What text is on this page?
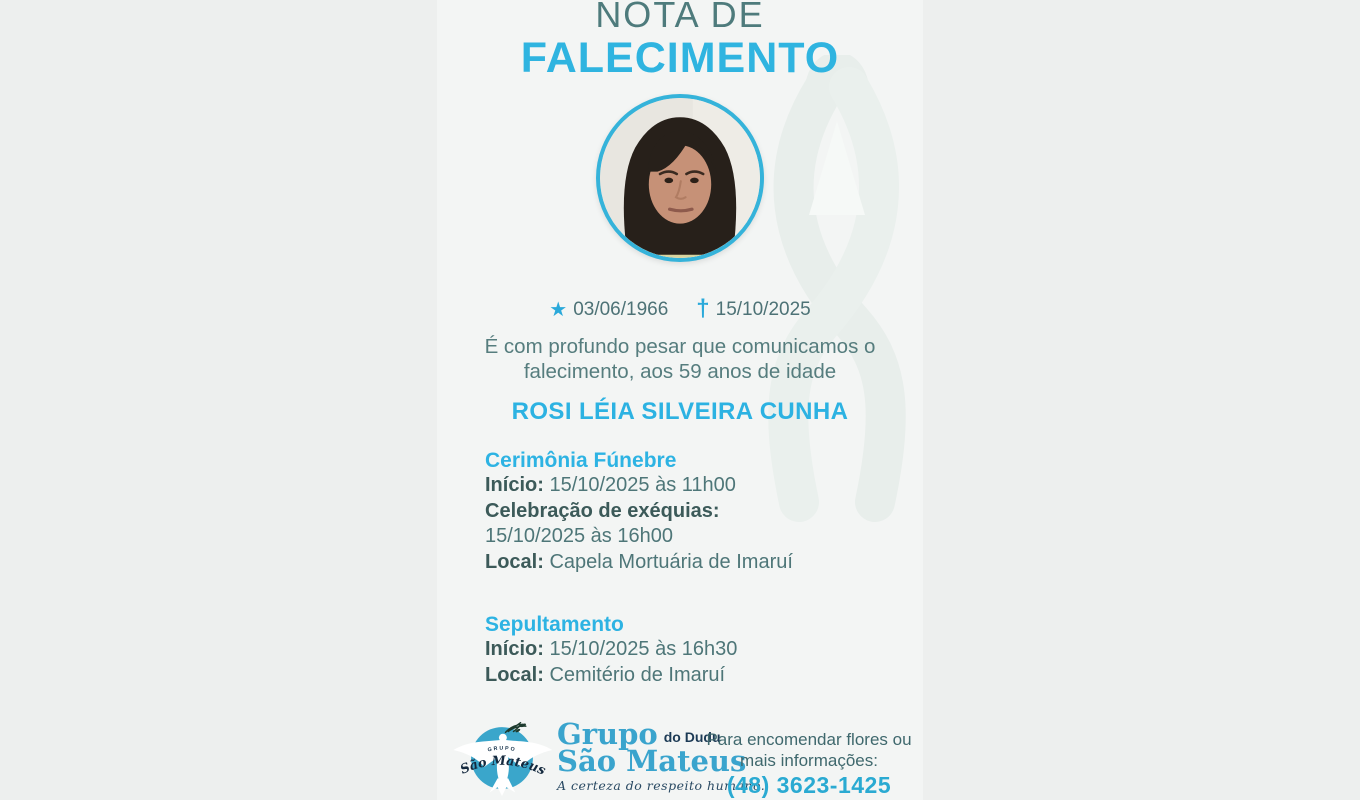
NOTA DE
FALECIMENTO
★ 03/06/1966 † 15/10/2025
É com profundo pesar que comunicamos o
falecimento, aos 59 anos de idade
ROSI LÉIA SILVEIRA CUNHA
Cerimônia Fúnebre
Início: 15/10/2025 às 11h00
Celebração de exéquias:
15/10/2025 às 16h00
Local: Capela Mortuária de Imaruí
Sepultamento
Início: 15/10/2025 às 16h30
Local: Cemitério de Imaruí
GRUPO
São Mateus
Grupo do Dudu
São Mateus
A certeza do respeito humano.
Para encomendar flores ou
mais informações:
(48) 3623-1425
